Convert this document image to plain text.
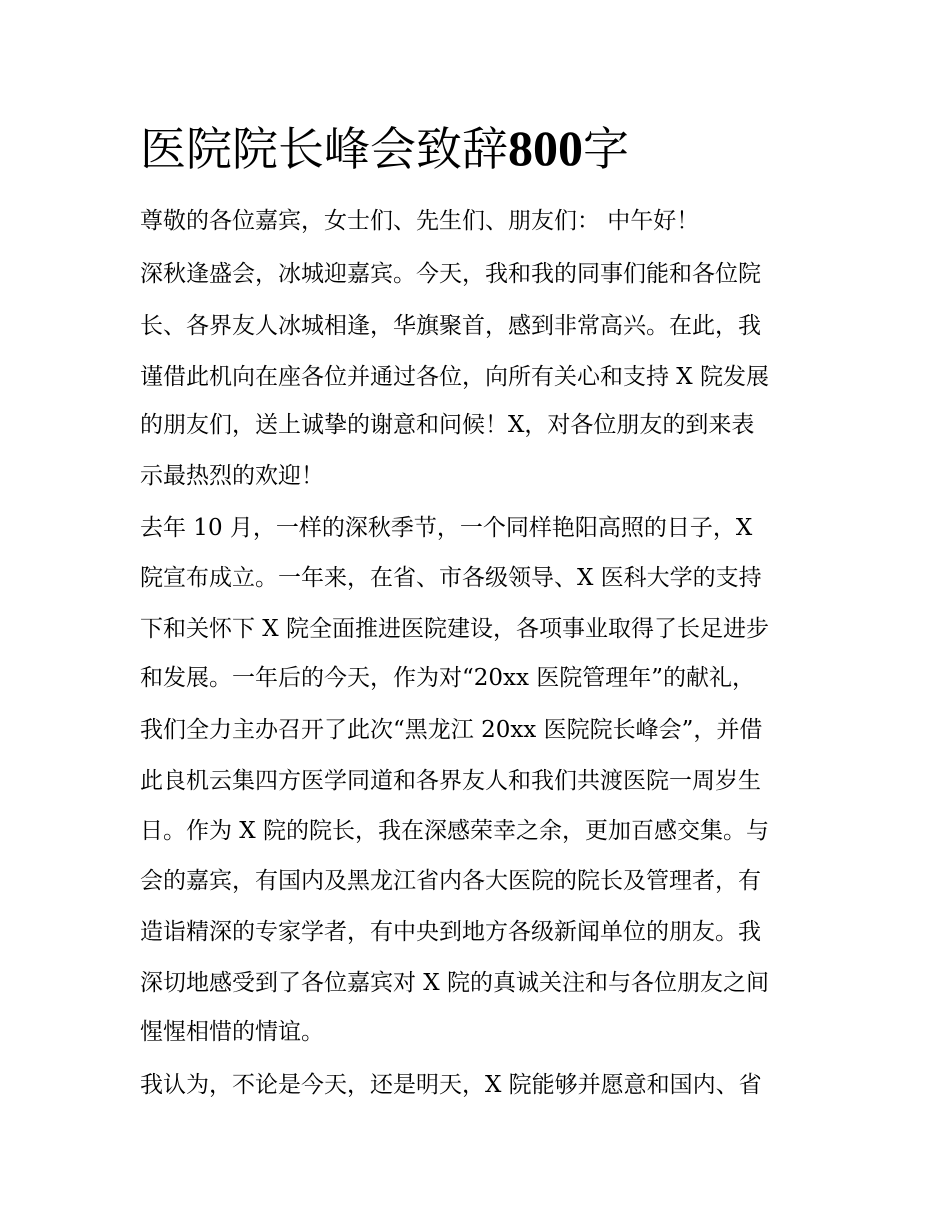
医院院长峰会致辞800字

尊敬的各位嘉宾，女士们、先生们、朋友们： 中午好！

深秋逢盛会，冰城迎嘉宾。今天，我和我的同事们能和各位院

长、各界友人冰城相逢，华旗聚首，感到非常高兴。在此，我

谨借此机向在座各位并通过各位，向所有关心和支持 X 院发展

的朋友们，送上诚挚的谢意和问候！X，对各位朋友的到来表

示最热烈的欢迎！

去年 10 月，一样的深秋季节，一个同样艳阳高照的日子，X

院宣布成立。一年来，在省、市各级领导、X 医科大学的支持

下和关怀下 X 院全面推进医院建设，各项事业取得了长足进步

和发展。一年后的今天，作为对“20xx 医院管理年”的献礼，

我们全力主办召开了此次“黑龙江 20xx 医院院长峰会”，并借

此良机云集四方医学同道和各界友人和我们共渡医院一周岁生

日。作为 X 院的院长，我在深感荣幸之余，更加百感交集。与

会的嘉宾，有国内及黑龙江省内各大医院的院长及管理者，有

造诣精深的专家学者，有中央到地方各级新闻单位的朋友。我

深切地感受到了各位嘉宾对 X 院的真诚关注和与各位朋友之间

惺惺相惜的情谊。

我认为，不论是今天，还是明天，X 院能够并愿意和国内、省
